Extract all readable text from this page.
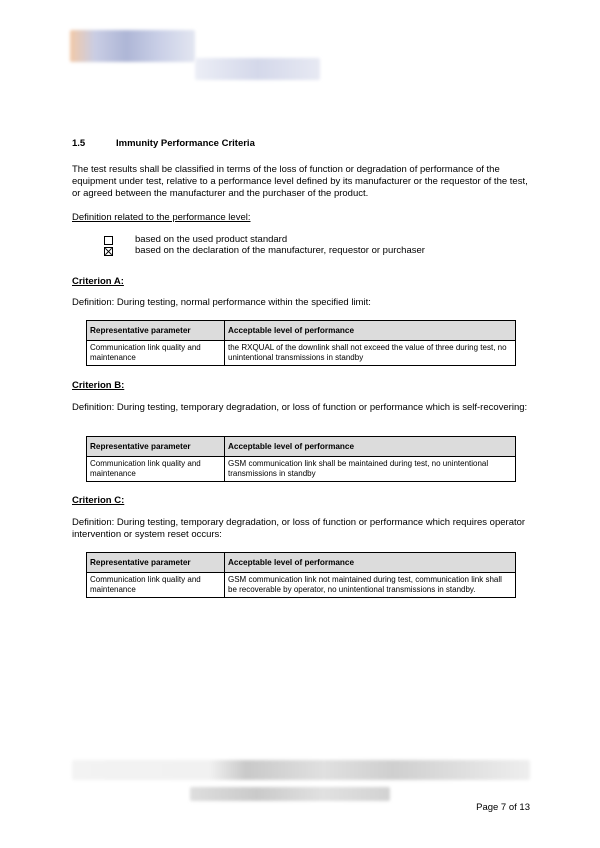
1.5	Immunity Performance Criteria
The test results shall be classified in terms of the loss of function or degradation of performance of the equipment under test, relative to a performance level defined by its manufacturer or the requestor of the test, or agreed between the manufacturer and the purchaser of the product.
Definition related to the performance level:
based on the used product standard
based on the declaration of the manufacturer, requestor or purchaser
Criterion A:
Definition: During testing, normal performance within the specified limit:
Representative parameter	Acceptable level of performance
Communication link quality and maintenance	the RXQUAL of the downlink shall not exceed the value of three during test, no unintentional transmissions in standby
Criterion B:
Definition: During testing, temporary degradation, or loss of function or performance which is self-recovering:
Representative parameter	Acceptable level of performance
Communication link quality and maintenance	GSM communication link shall be maintained during test, no unintentional transmissions in standby
Criterion C:
Definition: During testing, temporary degradation, or loss of function or performance which requires operator intervention or system reset occurs:
Representative parameter	Acceptable level of performance
Communication link quality and maintenance	GSM communication link not maintained during test, communication link shall be recoverable by operator, no unintentional transmissions in standby.
Page 7 of 13
